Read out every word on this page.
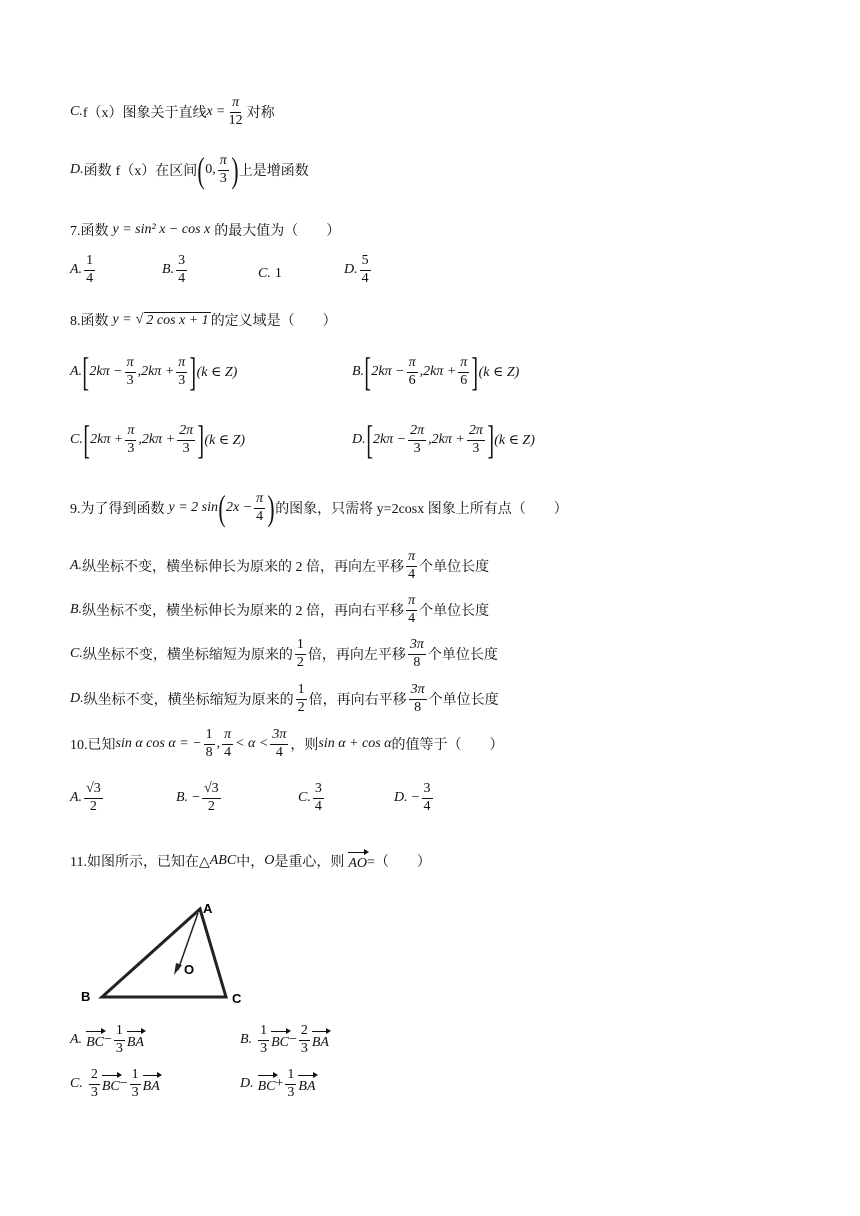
C. f（x）图象关于直线 $x = \frac{\pi}{12}$ 对称
D. 函数 f（x）在区间 ( 0, $\frac{\pi}{3}$ ) 上是增函数
7.函数 y = sin² x − cos x 的最大值为（　　）
A. $\frac{1}{4}$	B. $\frac{3}{4}$	C. 1	D. $\frac{5}{4}$
8.函数 y = √ 2 cos x + 1 的定义域是（　　）
A. [ $2k\pi - \frac{\pi}{3} ,2k\pi + \frac{\pi}{3}$ ] (k ∈ Z)	B. [ $2k\pi - \frac{\pi}{6} ,2k\pi + \frac{\pi}{6}$ ] (k ∈ Z)
C. [ $2k\pi + \frac{\pi}{3} ,2k\pi + \frac{2\pi}{3}$ ] (k ∈ Z)	D. [ $2k\pi - \frac{2\pi}{3} ,2k\pi + \frac{2\pi}{3}$ ] (k ∈ Z)
9.为了得到函数 y = 2 sin ( $2x - \frac{\pi}{4}$ ) 的图象，只需将 y=2cosx 图象上所有点（　　）
A. 纵坐标不变，横坐标伸长为原来的 2 倍，再向左平移 $\frac{\pi}{4}$ 个单位长度
B. 纵坐标不变，横坐标伸长为原来的 2 倍，再向右平移 $\frac{\pi}{4}$ 个单位长度
C. 纵坐标不变，横坐标缩短为原来的 $\frac{1}{2}$ 倍，再向左平移 $\frac{3\pi}{8}$ 个单位长度
D. 纵坐标不变，横坐标缩短为原来的 $\frac{1}{2}$ 倍，再向右平移 $\frac{3\pi}{8}$ 个单位长度
10.已知 sin α cos α = − $\frac{1}{8}$ , $\frac{\pi}{4} < \alpha < \frac{3\pi}{4}$ ，则 sin α + cos α 的值等于（　　）
A. $\frac{√3}{2}$	B. − $\frac{√3}{2}$	C. $\frac{3}{4}$	D. − $\frac{3}{4}$
11.如图所示，已知在△ ABC 中， O 是重心，则 AO =（　　）
A
B	C
O
A. BC − $\frac{1}{3}$ BA	B. $\frac{1}{3}$ BC − $\frac{2}{3}$ BA
C. $\frac{2}{3}$ BC − $\frac{1}{3}$ BA	D. BC + $\frac{1}{3}$ BA
